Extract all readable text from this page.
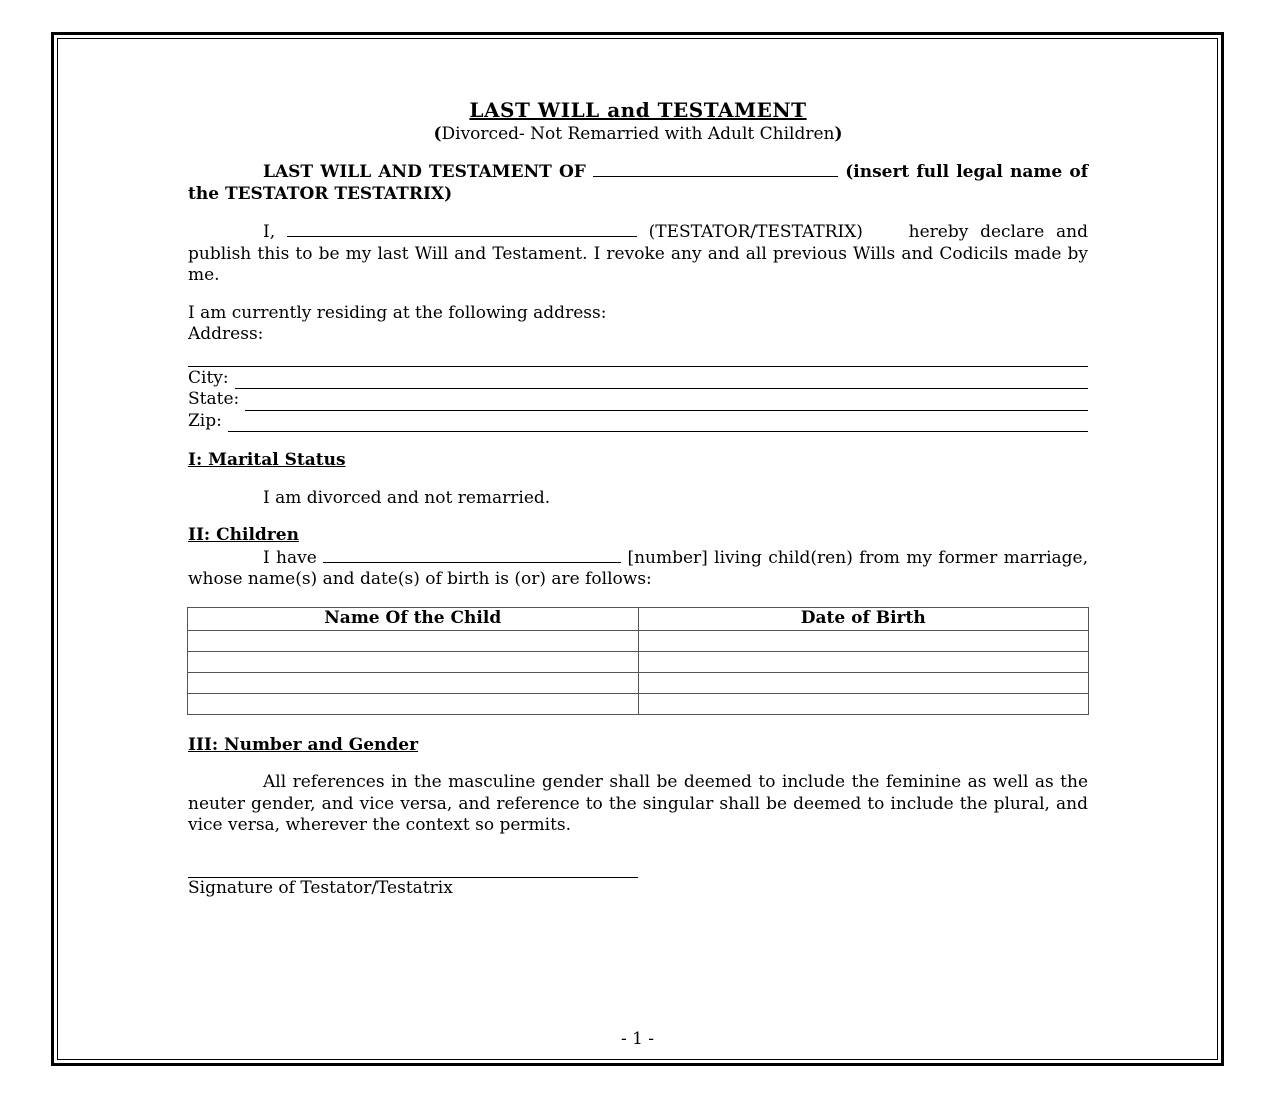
LAST WILL and TESTAMENT
(Divorced- Not Remarried with Adult Children)
LAST WILL AND TESTAMENT OF	(insert full legal name of the TESTATOR TESTATRIX)
I,	(TESTATOR/TESTATRIX) hereby declare and publish this to be my last Will and Testament. I revoke any and all previous Wills and Codicils made by me.
I am currently residing at the following address:
Address:
City:
State:
Zip:
I: Marital Status
I am divorced and not remarried.
II: Children
I have	[number] living child(ren) from my former marriage, whose name(s) and date(s) of birth is (or) are follows:
Name Of the Child	Date of Birth

III: Number and Gender
All references in the masculine gender shall be deemed to include the feminine as well as the neuter gender, and vice versa, and reference to the singular shall be deemed to include the plural, and vice versa, wherever the context so permits.
Signature of Testator/Testatrix
- 1 -
